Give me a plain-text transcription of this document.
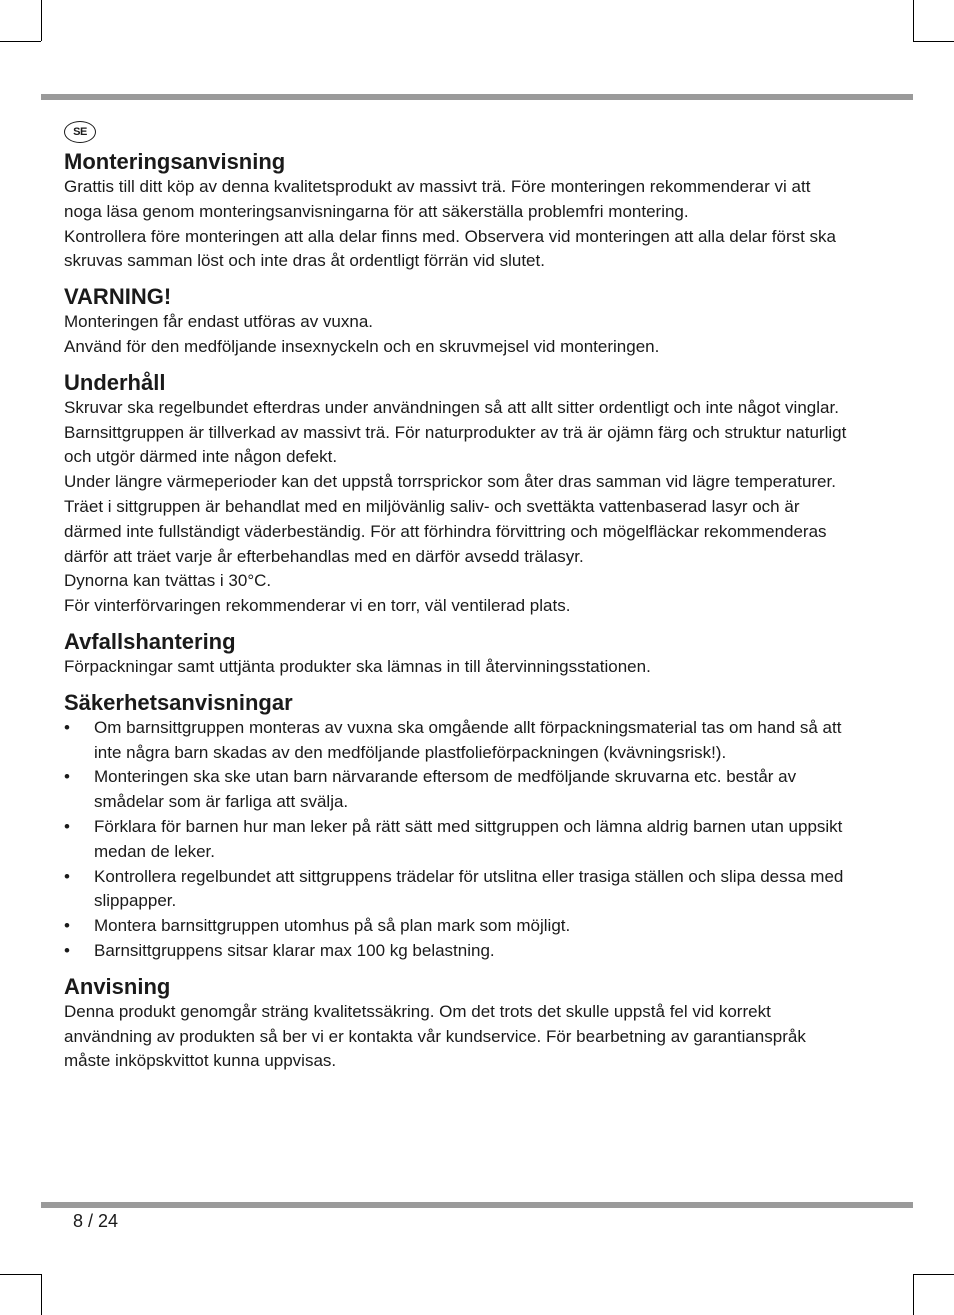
SE
Monteringsanvisning

Grattis till ditt köp av denna kvalitetsprodukt av massivt trä. Före monteringen rekommenderar vi att noga läsa genom monteringsanvisningarna för att säkerställa problemfri montering.

Kontrollera före monteringen att alla delar finns med. Observera vid monteringen att alla delar först ska skruvas samman löst och inte dras åt ordentligt förrän vid slutet.

VARNING!

Monteringen får endast utföras av vuxna.

Använd för den medföljande insexnyckeln och en skruvmejsel vid monteringen.

Underhåll

Skruvar ska regelbundet efterdras under användningen så att allt sitter ordentligt och inte något vinglar. Barnsittgruppen är tillverkad av massivt trä. För naturprodukter av trä är ojämn färg och struktur naturligt och utgör därmed inte någon defekt.

Under längre värmeperioder kan det uppstå torrsprickor som åter dras samman vid lägre temperaturer. Träet i sittgruppen är behandlat med en miljövänlig saliv- och svettäkta vattenbaserad lasyr och är därmed inte fullständigt väderbeständig. För att förhindra förvittring och mögelfläckar rekommenderas därför att träet varje år efterbehandlas med en därför avsedd trälasyr.

Dynorna kan tvättas i 30°C.

För vinterförvaringen rekommenderar vi en torr, väl ventilerad plats.

Avfallshantering

Förpackningar samt uttjänta produkter ska lämnas in till återvinningsstationen.

Säkerhetsanvisningar
• Om barnsittgruppen monteras av vuxna ska omgående allt förpackningsmaterial tas om hand så att inte några barn skadas av den medföljande plastfolieförpackningen (kvävningsrisk!).
• Monteringen ska ske utan barn närvarande eftersom de medföljande skruvarna etc. består av smådelar som är farliga att svälja.
• Förklara för barnen hur man leker på rätt sätt med sittgruppen och lämna aldrig barnen utan uppsikt medan de leker.
• Kontrollera regelbundet att sittgruppens trädelar för utslitna eller trasiga ställen och slipa dessa med slippapper.
• Montera barnsittgruppen utomhus på så plan mark som möjligt.
• Barnsittgruppens sitsar klarar max 100 kg belastning.
Anvisning

Denna produkt genomgår sträng kvalitetssäkring. Om det trots det skulle uppstå fel vid korrekt användning av produkten så ber vi er kontakta vår kundservice. För bearbetning av garantianspråk måste inköpskvittot kunna uppvisas.

8 / 24
